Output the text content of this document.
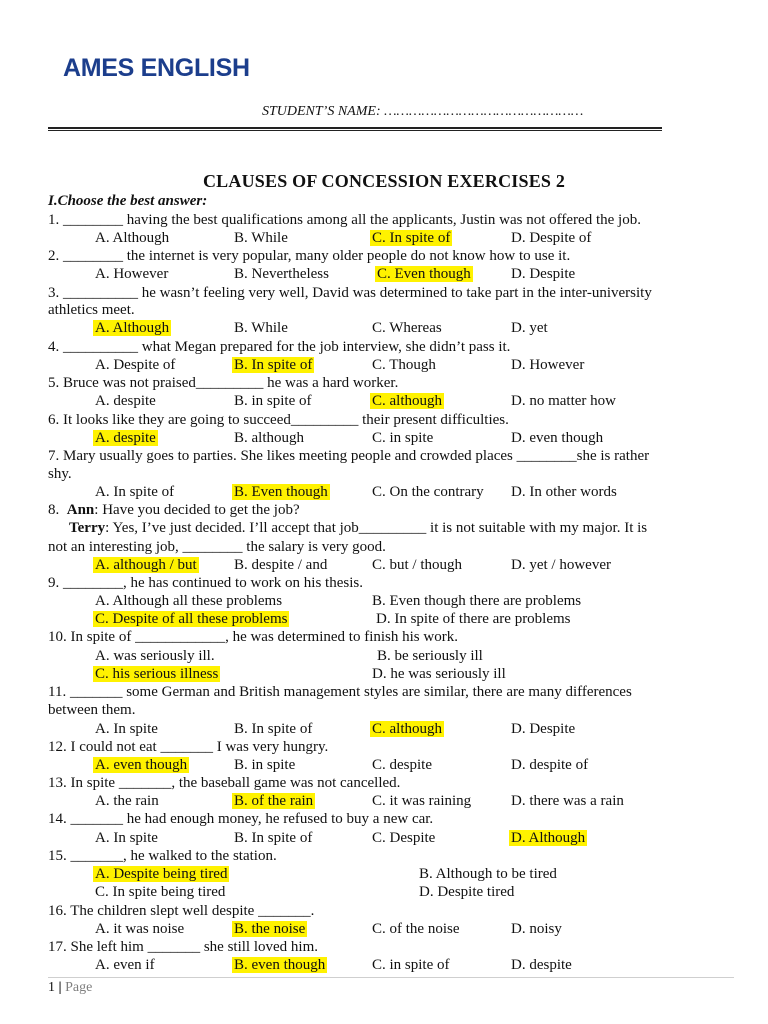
AMES ENGLISH
STUDENT’S NAME: …………………………………………
CLAUSES OF CONCESSION EXERCISES 2
I.Choose the best answer:
1. ________ having the best qualifications among all the applicants, Justin was not offered the job.
A. Although	B. While	C. In spite of	D. Despite of
2. ________ the internet is very popular, many older people do not know how to use it.
A. However	B. Nevertheless	C. Even though	D. Despite
3. __________ he wasn’t feeling very well, David was determined to take part in the inter-university
athletics meet.
A. Although	B. While	C. Whereas	D. yet
4. __________ what Megan prepared for the job interview, she didn’t pass it.
A. Despite of	B. In spite of	C. Though	D. However
5. Bruce was not praised_________ he was a hard worker.
A. despite	B. in spite of	C. although	D. no matter how
6. It looks like they are going to succeed_________ their present difficulties.
A. despite	B. although	C. in spite	D. even though
7. Mary usually goes to parties. She likes meeting people and crowded places ________she is rather
shy.
A. In spite of	B. Even though	C. On the contrary D. In other words
8. Ann: Have you decided to get the job?
Terry: Yes, I’ve just decided. I’ll accept that job_________ it is not suitable with my major. It is
not an interesting job, ________ the salary is very good.
A. although / but B. despite / and	C. but / though	D. yet / however
9. ________, he has continued to work on his thesis.
A. Although all these problems	B. Even though there are problems
C. Despite of all these problems	D. In spite of there are problems
10. In spite of ____________, he was determined to finish his work.
A. was seriously ill.	B. be seriously ill
C. his serious illness	D. he was seriously ill
11. _______ some German and British management styles are similar, there are many differences
between them.
A. In spite	B. In spite of	C. although	D. Despite
12. I could not eat _______ I was very hungry.
A. even though	B. in spite	C. despite	D. despite of
13. In spite _______, the baseball game was not cancelled.
A. the rain	B. of the rain	C. it was raining	D. there was a rain
14. _______ he had enough money, he refused to buy a new car.
A. In spite	B. In spite of	C. Despite	D. Although
15. _______, he walked to the station.
A. Despite being tired	B. Although to be tired
C. In spite being tired	D. Despite tired
16. The children slept well despite _______.
A. it was noise	B. the noise	C. of the noise	D. noisy
17. She left him _______ she still loved him.
A. even if	B. even though	C. in spite of	D. despite
1 | Page
